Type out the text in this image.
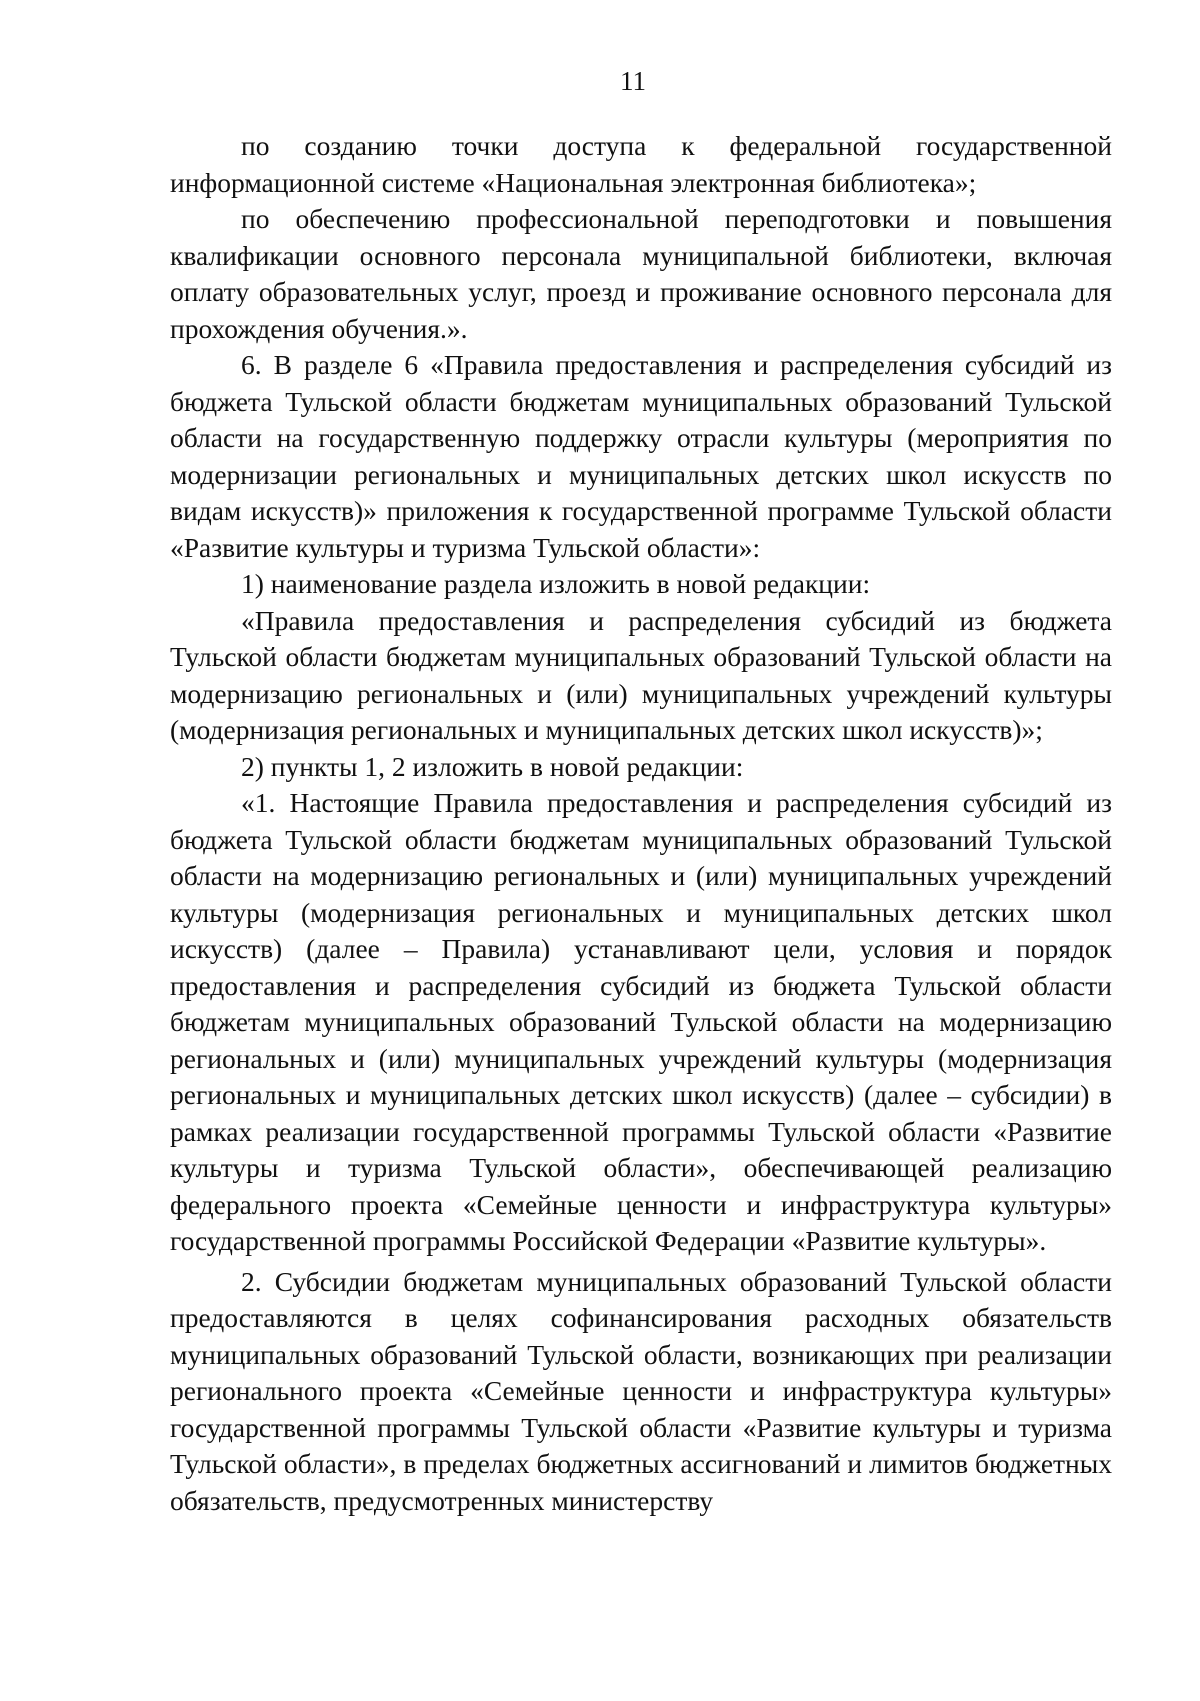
11

по созданию точки доступа к федеральной государственной информационной системе «Национальная электронная библиотека»;

по обеспечению профессиональной переподготовки и повышения квалификации основного персонала муниципальной библиотеки, включая оплату образовательных услуг, проезд и проживание основного персонала для прохождения обучения.».

6. В разделе 6 «Правила предоставления и распределения субсидий из бюджета Тульской области бюджетам муниципальных образований Тульской области на государственную поддержку отрасли культуры (мероприятия по модернизации региональных и муниципальных детских школ искусств по видам искусств)» приложения к государственной программе Тульской области «Развитие культуры и туризма Тульской области»:

1) наименование раздела изложить в новой редакции:

«Правила предоставления и распределения субсидий из бюджета Тульской области бюджетам муниципальных образований Тульской области на модернизацию региональных и (или) муниципальных учреждений культуры (модернизация региональных и муниципальных детских школ искусств)»;

2) пункты 1, 2 изложить в новой редакции:

«1. Настоящие Правила предоставления и распределения субсидий из бюджета Тульской области бюджетам муниципальных образований Тульской области на модернизацию региональных и (или) муниципальных учреждений культуры (модернизация региональных и муниципальных детских школ искусств) (далее – Правила) устанавливают цели, условия и порядок предоставления и распределения субсидий из бюджета Тульской области бюджетам муниципальных образований Тульской области на модернизацию региональных и (или) муниципальных учреждений культуры (модернизация региональных и муниципальных детских школ искусств) (далее – субсидии) в рамках реализации государственной программы Тульской области «Развитие культуры и туризма Тульской области», обеспечивающей реализацию федерального проекта «Семейные ценности и инфраструктура культуры» государственной программы Российской Федерации «Развитие культуры».

2. Субсидии бюджетам муниципальных образований Тульской области предоставляются в целях софинансирования расходных обязательств муниципальных образований Тульской области, возникающих при реализации регионального проекта «Семейные ценности и инфраструктура культуры» государственной программы Тульской области «Развитие культуры и туризма Тульской области», в пределах бюджетных ассигнований и лимитов бюджетных обязательств, предусмотренных министерству
